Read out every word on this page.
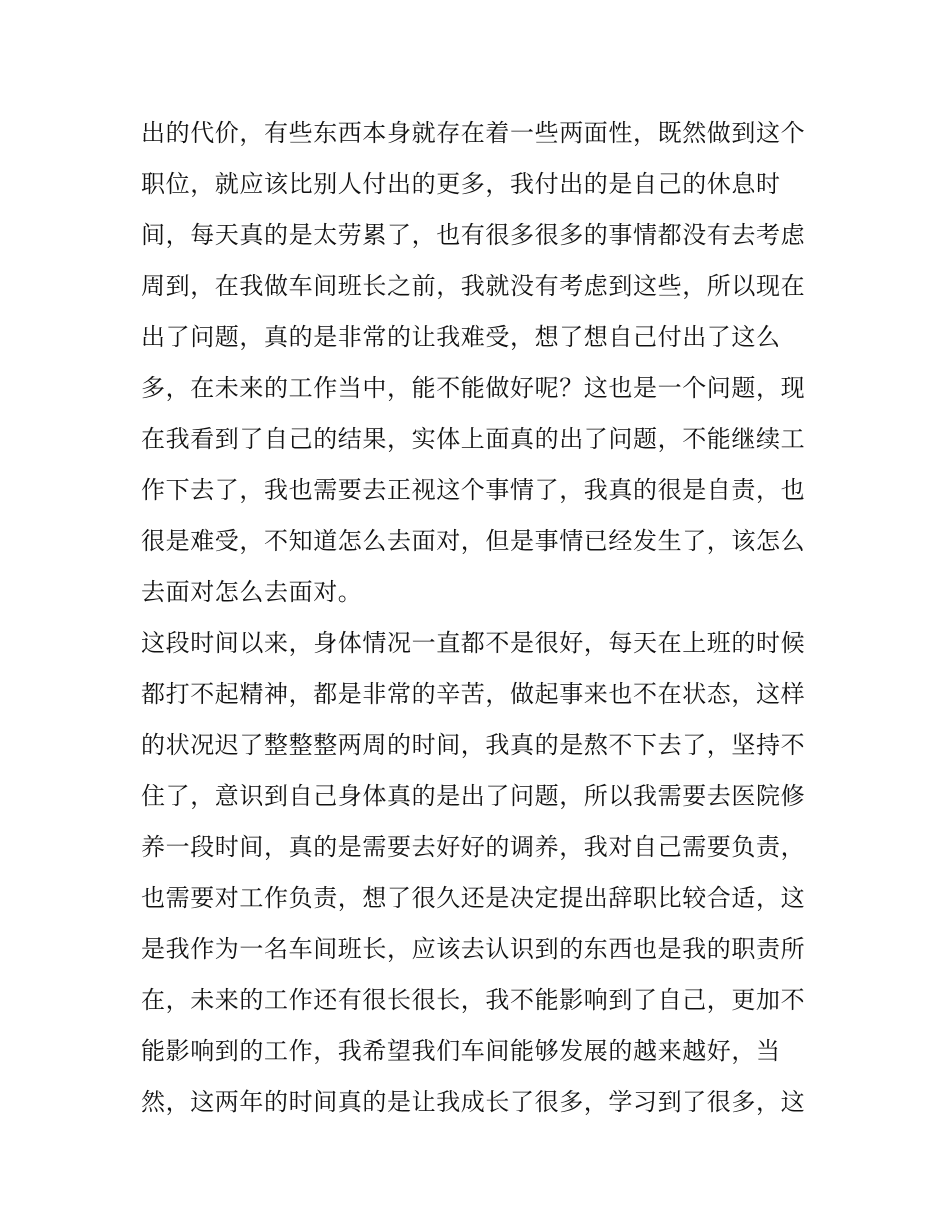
出的代价，有些东西本身就存在着一些两面性，既然做到这个
职位，就应该比别人付出的更多，我付出的是自己的休息时
间，每天真的是太劳累了，也有很多很多的事情都没有去考虑
周到，在我做车间班长之前，我就没有考虑到这些，所以现在
出了问题，真的是非常的让我难受，想了想自己付出了这么
多，在未来的工作当中，能不能做好呢？这也是一个问题，现
在我看到了自己的结果，实体上面真的出了问题，不能继续工
作下去了，我也需要去正视这个事情了，我真的很是自责，也
很是难受，不知道怎么去面对，但是事情已经发生了，该怎么
去面对怎么去面对。
这段时间以来，身体情况一直都不是很好，每天在上班的时候
都打不起精神，都是非常的辛苦，做起事来也不在状态，这样
的状况迟了整整整两周的时间，我真的是熬不下去了，坚持不
住了，意识到自己身体真的是出了问题，所以我需要去医院修
养一段时间，真的是需要去好好的调养，我对自己需要负责，
也需要对工作负责，想了很久还是决定提出辞职比较合适，这
是我作为一名车间班长，应该去认识到的东西也是我的职责所
在，未来的工作还有很长很长，我不能影响到了自己，更加不
能影响到的工作，我希望我们车间能够发展的越来越好，当
然，这两年的时间真的是让我成长了很多，学习到了很多，这
